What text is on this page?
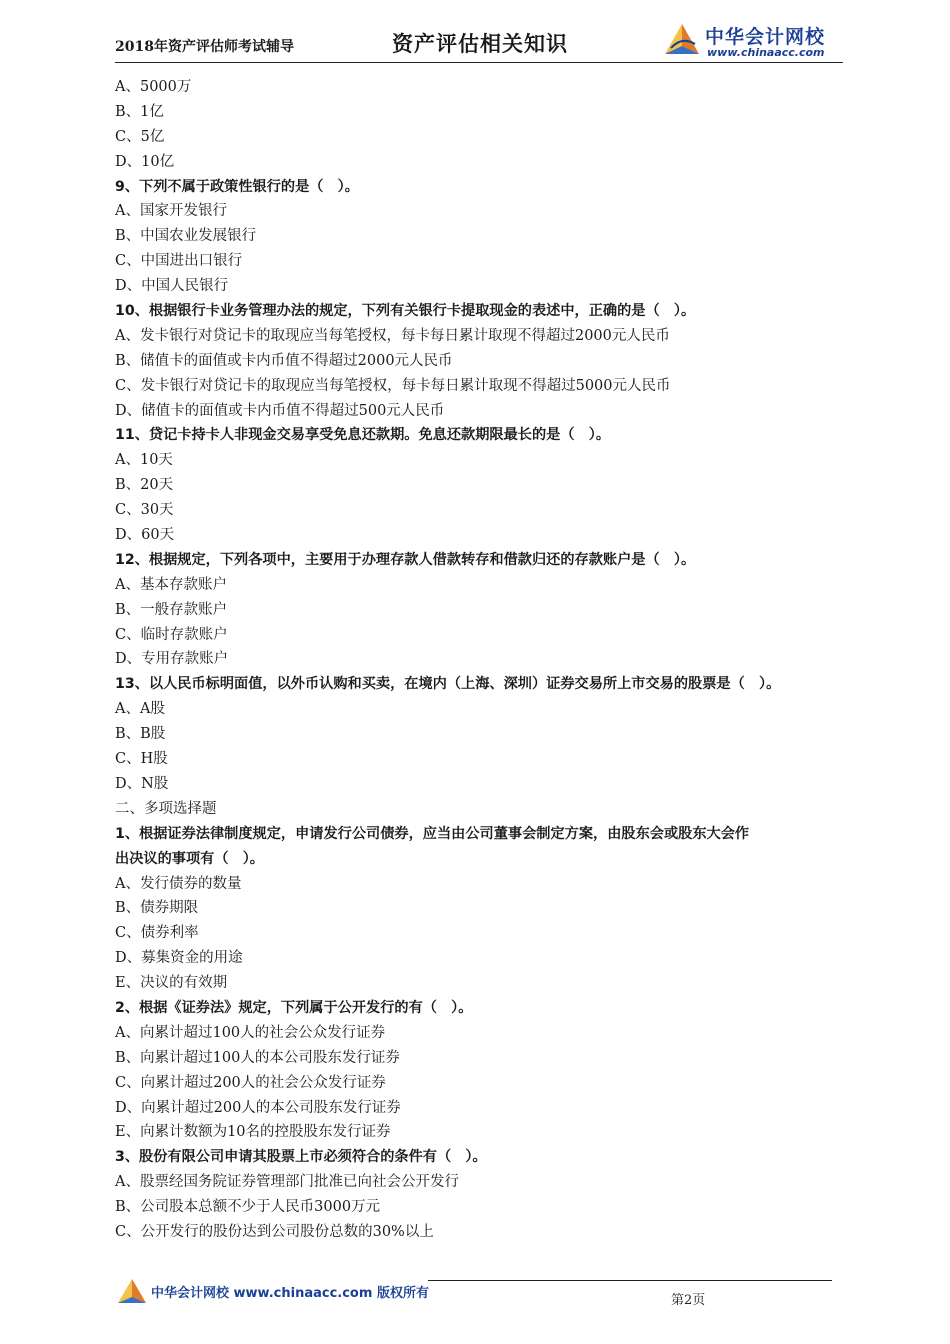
2018年资产评估师考试辅导	资产评估相关知识	中华会计网校
www.chinaacc.com
A、5000万
B、1亿
C、5亿
D、10亿
9、下列不属于政策性银行的是（　）。
A、国家开发银行
B、中国农业发展银行
C、中国进出口银行
D、中国人民银行
10、根据银行卡业务管理办法的规定，下列有关银行卡提取现金的表述中，正确的是（　）。
A、发卡银行对贷记卡的取现应当每笔授权，每卡每日累计取现不得超过2000元人民币
B、储值卡的面值或卡内币值不得超过2000元人民币
C、发卡银行对贷记卡的取现应当每笔授权，每卡每日累计取现不得超过5000元人民币
D、储值卡的面值或卡内币值不得超过500元人民币
11、贷记卡持卡人非现金交易享受免息还款期。免息还款期限最长的是（　）。
A、10天
B、20天
C、30天
D、60天
12、根据规定，下列各项中，主要用于办理存款人借款转存和借款归还的存款账户是（　）。
A、基本存款账户
B、一般存款账户
C、临时存款账户
D、专用存款账户
13、以人民币标明面值，以外币认购和买卖，在境内（上海、深圳）证券交易所上市交易的股票是（　）。
A、A股
B、B股
C、H股
D、N股
二、多项选择题
1、根据证券法律制度规定，申请发行公司债券，应当由公司董事会制定方案，由股东会或股东大会作
出决议的事项有（　）。
A、发行债券的数量
B、债券期限
C、债券利率
D、募集资金的用途
E、决议的有效期
2、根据《证券法》规定，下列属于公开发行的有（　）。
A、向累计超过100人的社会公众发行证券
B、向累计超过100人的本公司股东发行证券
C、向累计超过200人的社会公众发行证券
D、向累计超过200人的本公司股东发行证券
E、向累计数额为10名的控股股东发行证券
3、股份有限公司申请其股票上市必须符合的条件有（　）。
A、股票经国务院证券管理部门批准已向社会公开发行
B、公司股本总额不少于人民币3000万元
C、公开发行的股份达到公司股份总数的30%以上
中华会计网校 www.chinaacc.com 版权所有	第2页
